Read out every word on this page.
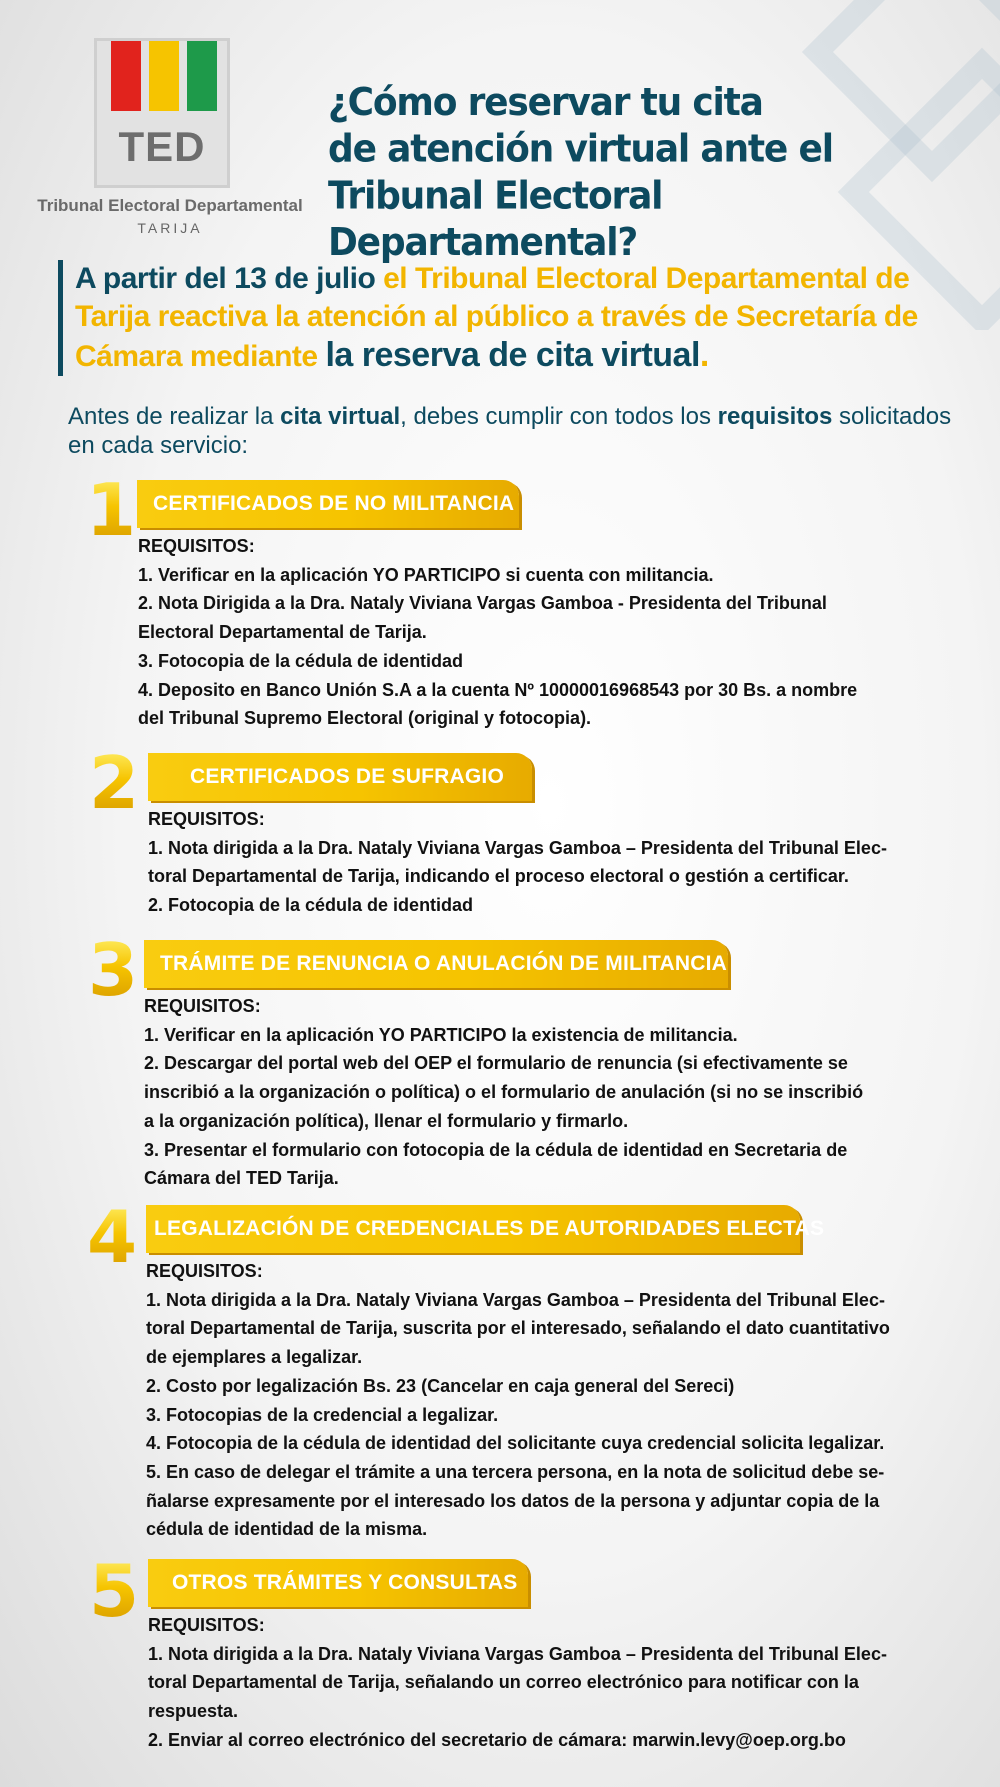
TED
Tribunal Electoral Departamental
TARIJA
¿Cómo reservar tu cita
de atención virtual ante el
Tribunal Electoral Departamental?
A partir del 13 de julio el Tribunal Electoral Departamental de Tarija reactiva la atención al público a través de Secretaría de Cámara mediante la reserva de cita virtual.
Antes de realizar la cita virtual, debes cumplir con todos los requisitos solicitados en cada servicio:
1 CERTIFICADOS DE NO MILITANCIA
REQUISITOS:
1. Verificar en la aplicación YO PARTICIPO si cuenta con militancia.
2. Nota Dirigida a la Dra. Nataly Viviana Vargas Gamboa - Presidenta del Tribunal
Electoral Departamental de Tarija.
3. Fotocopia de la cédula de identidad
4. Deposito en Banco Unión S.A a la cuenta Nº 10000016968543 por 30 Bs. a nombre
del Tribunal Supremo Electoral (original y fotocopia).
2 CERTIFICADOS DE SUFRAGIO
REQUISITOS:
1. Nota dirigida a la Dra. Nataly Viviana Vargas Gamboa – Presidenta del Tribunal Elec-
toral Departamental de Tarija, indicando el proceso electoral o gestión a certificar.
2. Fotocopia de la cédula de identidad
3 TRÁMITE DE RENUNCIA O ANULACIÓN DE MILITANCIA
REQUISITOS:
1. Verificar en la aplicación YO PARTICIPO la existencia de militancia.
2. Descargar del portal web del OEP el formulario de renuncia (si efectivamente se
inscribió a la organización o política) o el formulario de anulación (si no se inscribió
a la organización política), llenar el formulario y firmarlo.
3. Presentar el formulario con fotocopia de la cédula de identidad en Secretaria de
Cámara del TED Tarija.
4 LEGALIZACIÓN DE CREDENCIALES DE AUTORIDADES ELECTAS
REQUISITOS:
1. Nota dirigida a la Dra. Nataly Viviana Vargas Gamboa – Presidenta del Tribunal Elec-
toral Departamental de Tarija, suscrita por el interesado, señalando el dato cuantitativo
de ejemplares a legalizar.
2. Costo por legalización Bs. 23 (Cancelar en caja general del Sereci)
3. Fotocopias de la credencial a legalizar.
4. Fotocopia de la cédula de identidad del solicitante cuya credencial solicita legalizar.
5. En caso de delegar el trámite a una tercera persona, en la nota de solicitud debe se-
ñalarse expresamente por el interesado los datos de la persona y adjuntar copia de la
cédula de identidad de la misma.
5 OTROS TRÁMITES Y CONSULTAS
REQUISITOS:
1. Nota dirigida a la Dra. Nataly Viviana Vargas Gamboa – Presidenta del Tribunal Elec-
toral Departamental de Tarija, señalando un correo electrónico para notificar con la
respuesta.
2. Enviar al correo electrónico del secretario de cámara: marwin.levy@oep.org.bo
